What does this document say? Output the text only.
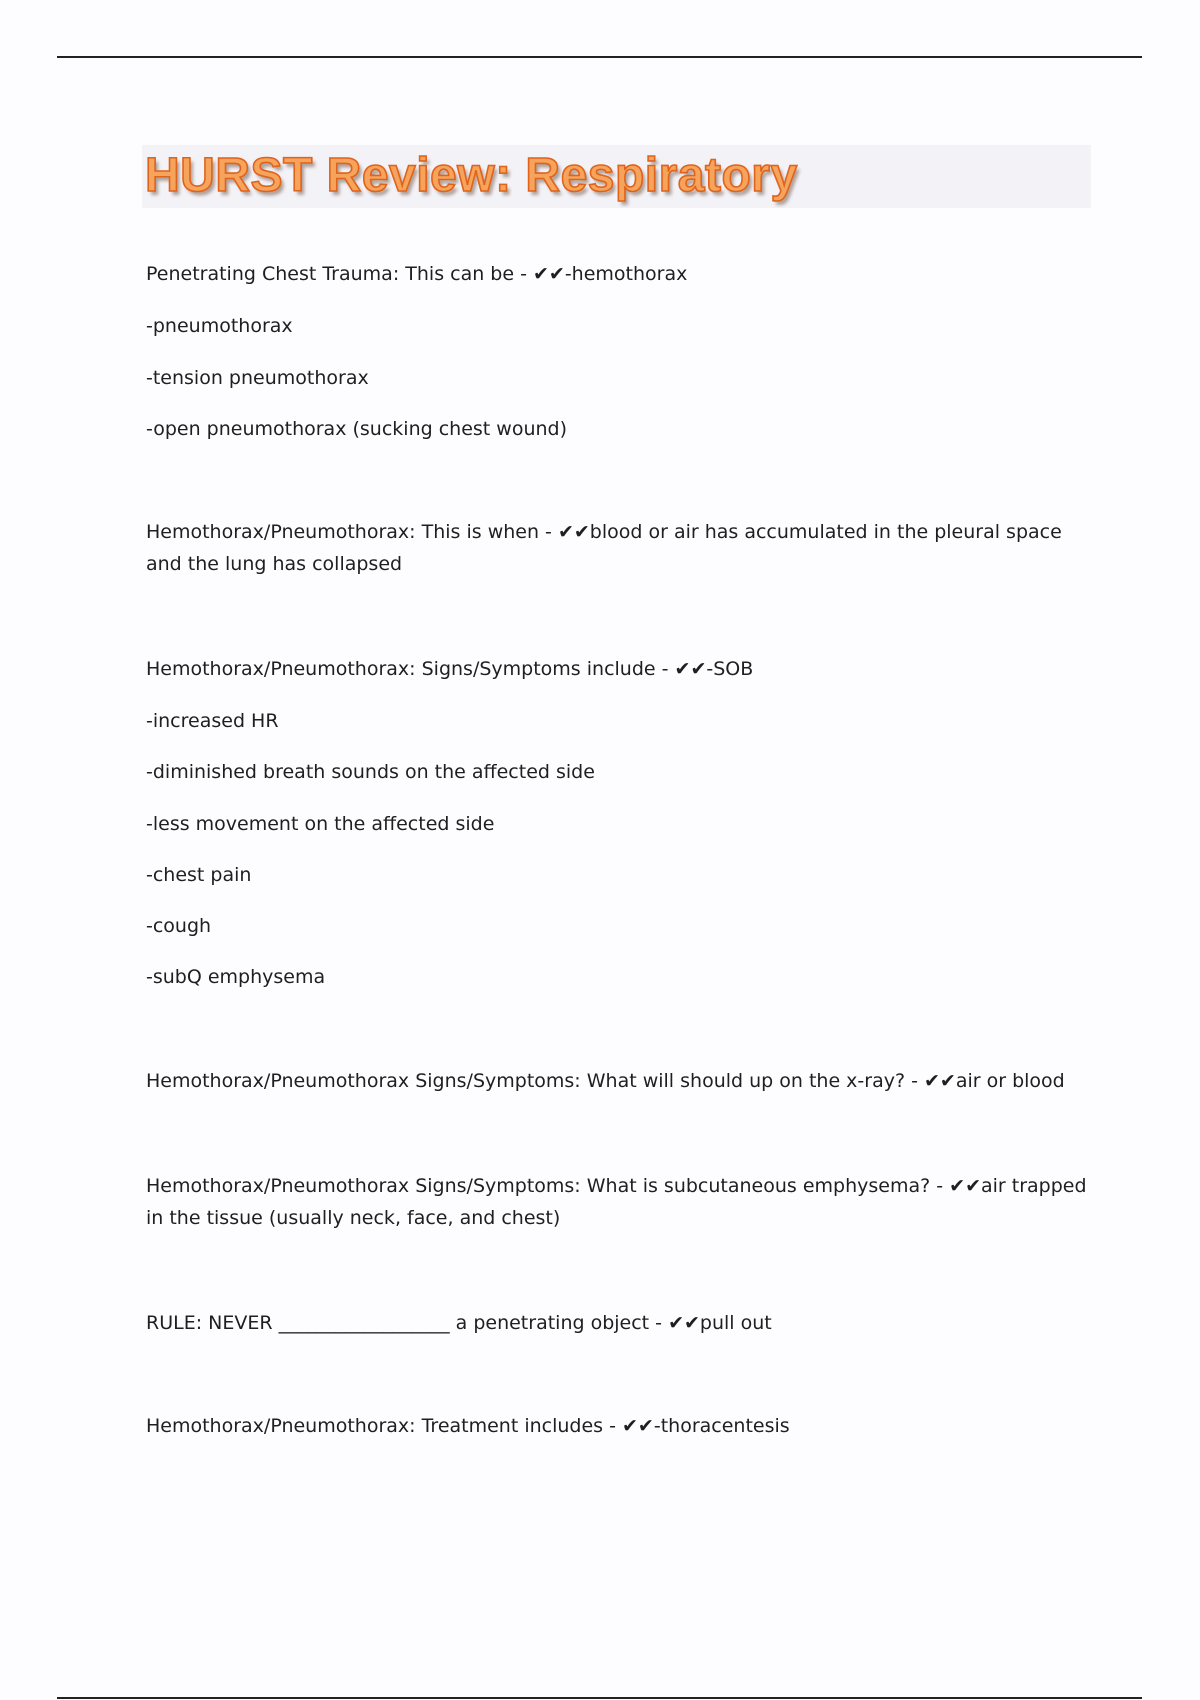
HURST Review: Respiratory
Penetrating Chest Trauma: This can be - ✔✔-hemothorax
-pneumothorax
-tension pneumothorax
-open pneumothorax (sucking chest wound)
Hemothorax/Pneumothorax: This is when - ✔✔blood or air has accumulated in the pleural space and the lung has collapsed
Hemothorax/Pneumothorax: Signs/Symptoms include - ✔✔-SOB
-increased HR
-diminished breath sounds on the affected side
-less movement on the affected side
-chest pain
-cough
-subQ emphysema
Hemothorax/Pneumothorax Signs/Symptoms: What will should up on the x-ray? - ✔✔air or blood
Hemothorax/Pneumothorax Signs/Symptoms: What is subcutaneous emphysema? - ✔✔air trapped in the tissue (usually neck, face, and chest)
RULE: NEVER __________________ a penetrating object - ✔✔pull out
Hemothorax/Pneumothorax: Treatment includes - ✔✔-thoracentesis
